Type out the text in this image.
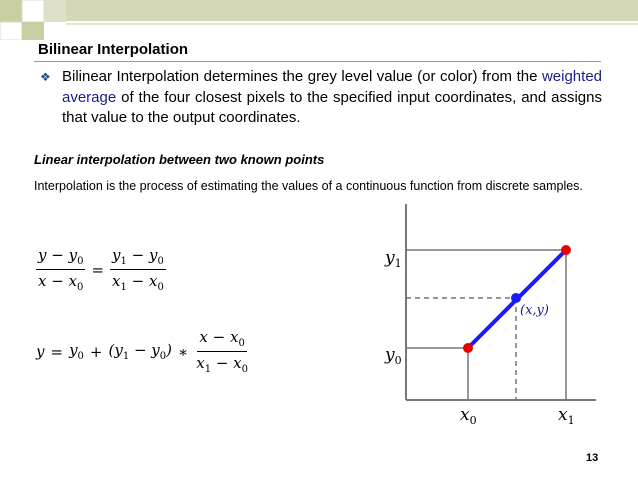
Bilinear Interpolation
❖ Bilinear Interpolation determines the grey level value (or color) from the weighted average of the four closest pixels to the specified input coordinates, and assigns that value to the output coordinates.
Linear interpolation between two known points
Interpolation is the process of estimating the values of a continuous function from discrete samples.
$\frac{y - y_0}{x - x_0} = \frac{y_1 - y_0}{x_1 - x_0}$
$y = y_0 + (y_1 - y_0)$ ∗ $\frac{x - x_0}{x_1 - x_0}$
$y_1$
$y_0$
$x_0$	$x_1$
(x,y)
13
